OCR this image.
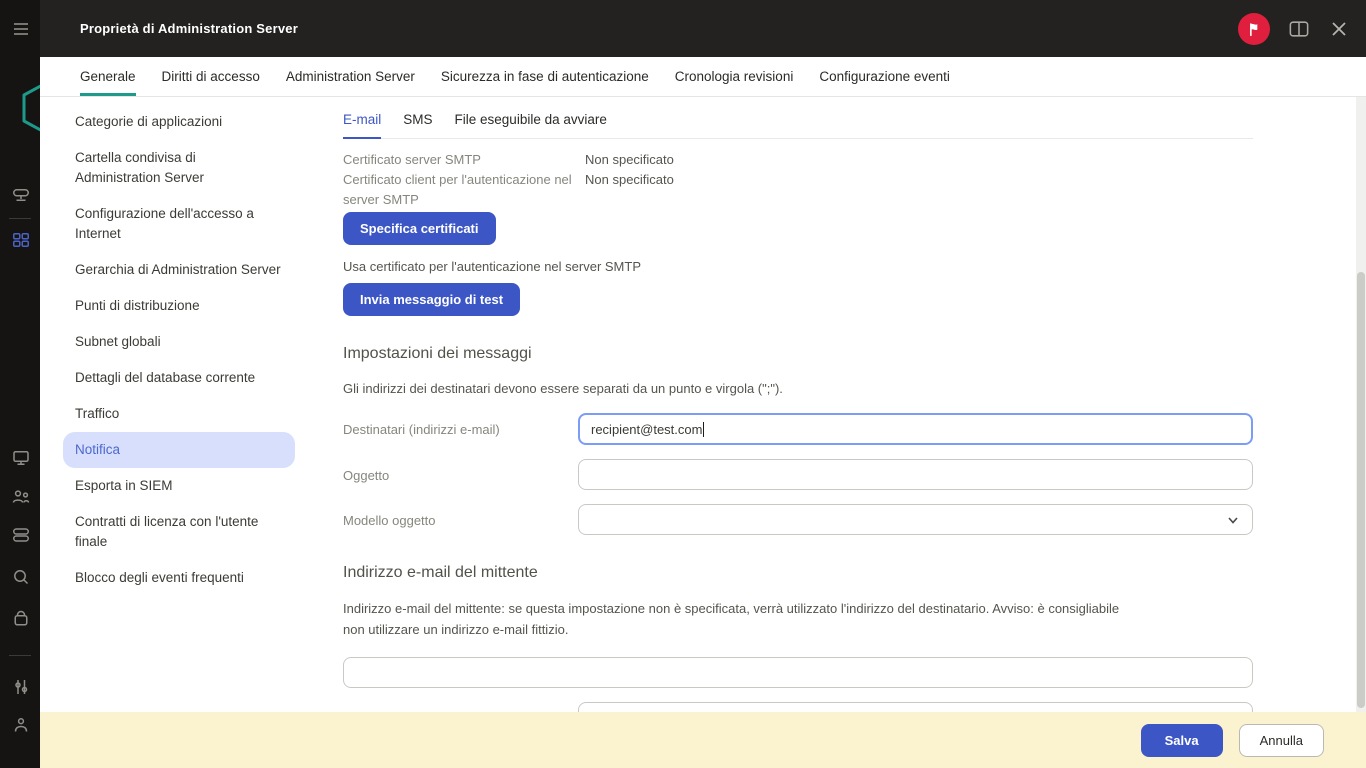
Proprietà di Administration Server
Generale Diritti di accesso Administration Server Sicurezza in fase di autenticazione Cronologia revisioni Configurazione eventi
Categorie di applicazioni
Cartella condivisa di Administration Server
Configurazione dell'accesso a Internet
Gerarchia di Administration Server
Punti di distribuzione
Subnet globali
Dettagli del database corrente
Traffico
Notifica
Esporta in SIEM
Contratti di licenza con l'utente finale
Blocco degli eventi frequenti
E-mail SMS File eseguibile da avviare
Certificato server SMTP	Non specificato
Certificato client per l'autenticazione nel server SMTP
Non specificato
Specifica certificati
Usa certificato per l'autenticazione nel server SMTP
Invia messaggio di test
Impostazioni dei messaggi
Gli indirizzi dei destinatari devono essere separati da un punto e virgola (";").
Destinatari (indirizzi e-mail)	recipient@test.com
Oggetto
Modello oggetto
Indirizzo e-mail del mittente
Indirizzo e-mail del mittente: se questa impostazione non è specificata, verrà utilizzato l'indirizzo del destinatario. Avviso: è consigliabile non utilizzare un indirizzo e-mail fittizio.
Si è verificato l'evento '%EVENT%' nel dispositivo %COMPUTER% del dominio Windows %DOMAIN% il %RISE_TIME%
Salva	Annulla
